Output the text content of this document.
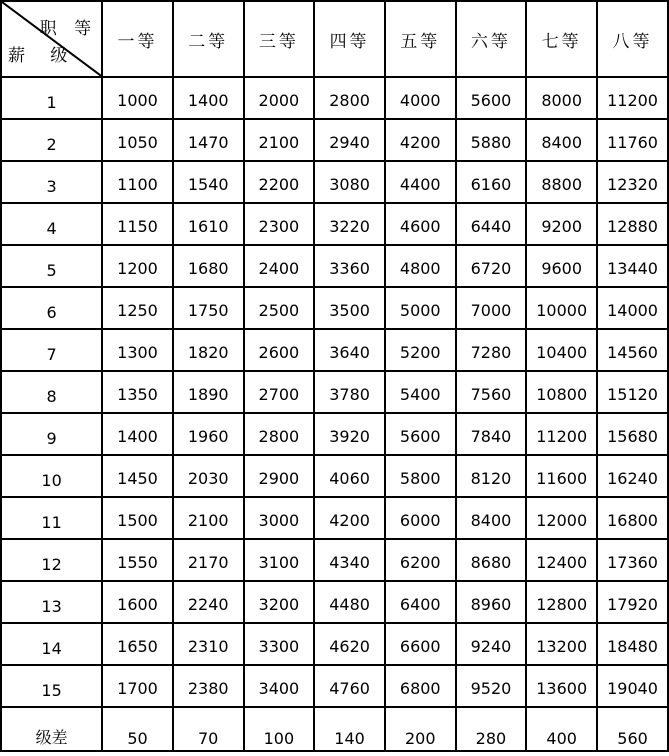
职 等
薪 级	一等	二等	三等	四等	五等	六等	七等	八等
1	1000	1400	2000	2800	4000	5600	8000	11200
2	1050	1470	2100	2940	4200	5880	8400	11760
3	1100	1540	2200	3080	4400	6160	8800	12320
4	1150	1610	2300	3220	4600	6440	9200	12880
5	1200	1680	2400	3360	4800	6720	9600	13440
6	1250	1750	2500	3500	5000	7000	10000	14000
7	1300	1820	2600	3640	5200	7280	10400	14560
8	1350	1890	2700	3780	5400	7560	10800	15120
9	1400	1960	2800	3920	5600	7840	11200	15680
10	1450	2030	2900	4060	5800	8120	11600	16240
11	1500	2100	3000	4200	6000	8400	12000	16800
12	1550	2170	3100	4340	6200	8680	12400	17360
13	1600	2240	3200	4480	6400	8960	12800	17920
14	1650	2310	3300	4620	6600	9240	13200	18480
15	1700	2380	3400	4760	6800	9520	13600	19040
级差	50	70	100	140	200	280	400	560
